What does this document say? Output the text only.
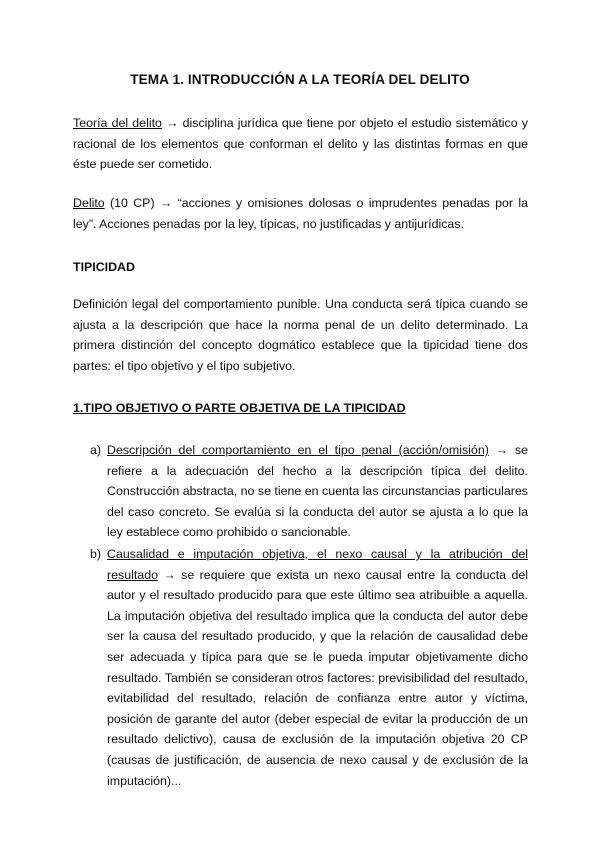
TEMA 1. INTRODUCCIÓN A LA TEORÍA DEL DELITO
Teoría del delito → disciplina jurídica que tiene por objeto el estudio sistemático y racional de los elementos que conforman el delito y las distintas formas en que éste puede ser cometido.
Delito (10 CP) → “acciones y omisiones dolosas o imprudentes penadas por la ley”. Acciones penadas por la ley, típicas, no justificadas y antijurídicas.
TIPICIDAD
Definición legal del comportamiento punible. Una conducta será típica cuando se ajusta a la descripción que hace la norma penal de un delito determinado. La primera distinción del concepto dogmático establece que la tipicidad tiene dos partes: el tipo objetivo y el tipo subjetivo.
1.TIPO OBJETIVO O PARTE OBJETIVA DE LA TIPICIDAD
a) Descripción del comportamiento en el tipo penal (acción/omisión) → se refiere a la adecuación del hecho a la descripción típica del delito. Construcción abstracta, no se tiene en cuenta las circunstancias particulares del caso concreto. Se evalúa si la conducta del autor se ajusta a lo que la ley establece como prohibido o sancionable.
b) Causalidad e imputación objetiva, el nexo causal y la atribución del resultado → se requiere que exista un nexo causal entre la conducta del autor y el resultado producido para que este último sea atribuible a aquella. La imputación objetiva del resultado implica que la conducta del autor debe ser la causa del resultado producido, y que la relación de causalidad debe ser adecuada y típica para que se le pueda imputar objetivamente dicho resultado. También se consideran otros factores: previsibilidad del resultado, evitabilidad del resultado, relación de confianza entre autor y víctima, posición de garante del autor (deber especial de evitar la producción de un resultado delictivo), causa de exclusión de la imputación objetiva 20 CP (causas de justificación, de ausencia de nexo causal y de exclusión de la imputación)...
